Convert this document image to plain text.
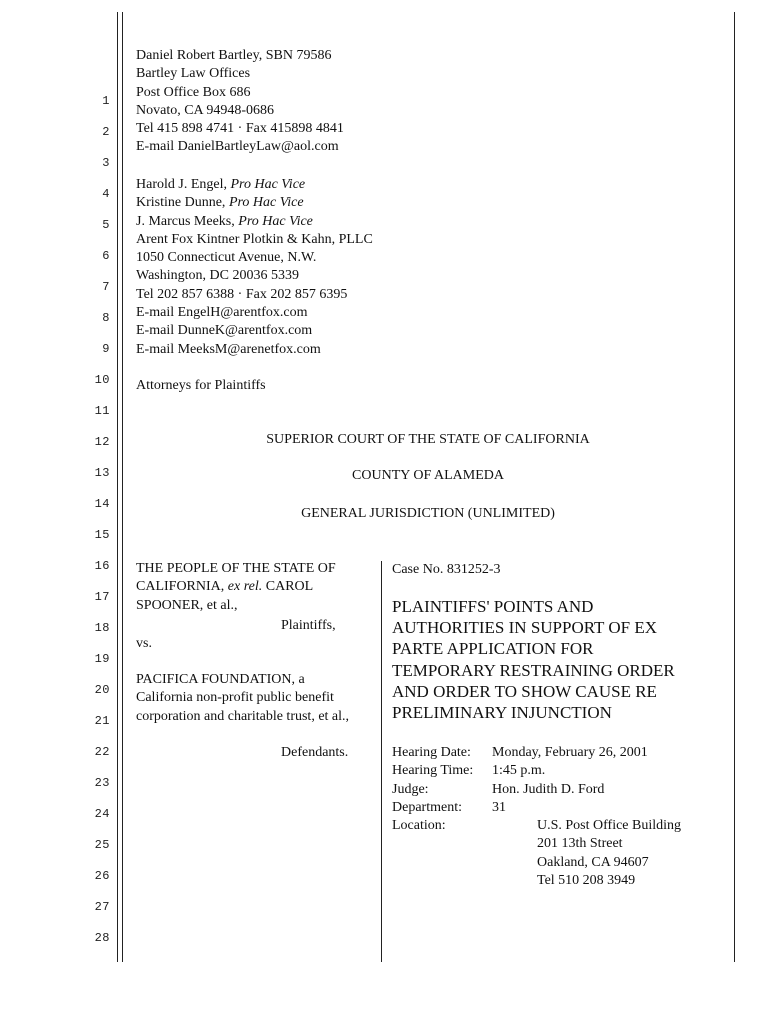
1
2
3
4
5
6
7
8
9
10
11
12
13
14
15
16
17
18
19
20
21
22
23
24
25
26
27
28
Daniel Robert Bartley, SBN 79586
Bartley Law Offices
Post Office Box 686
Novato, CA 94948-0686
Tel 415 898 4741 · Fax 415898 4841
E-mail DanielBartleyLaw@aol.com
Harold J. Engel, Pro Hac Vice
Kristine Dunne, Pro Hac Vice
J. Marcus Meeks, Pro Hac Vice
Arent Fox Kintner Plotkin & Kahn, PLLC
1050 Connecticut Avenue, N.W.
Washington, DC 20036 5339
Tel 202 857 6388 · Fax 202 857 6395
E-mail EngelH@arentfox.com
E-mail DunneK@arentfox.com
E-mail MeeksM@arenetfox.com
Attorneys for Plaintiffs
SUPERIOR COURT OF THE STATE OF CALIFORNIA
COUNTY OF ALAMEDA
GENERAL JURISDICTION (UNLIMITED)
THE PEOPLE OF THE STATE OF
CALIFORNIA, ex rel. CAROL
SPOONER, et al.,
Plaintiffs,
vs.
PACIFICA FOUNDATION, a
California non-profit public benefit
corporation and charitable trust, et al.,
Defendants.
Case No. 831252-3
PLAINTIFFS' POINTS AND
AUTHORITIES IN SUPPORT OF EX
PARTE APPLICATION FOR
TEMPORARY RESTRAINING ORDER
AND ORDER TO SHOW CAUSE RE
PRELIMINARY INJUNCTION
Hearing Date: Monday, February 26, 2001
Hearing Time: 1:45 p.m.
Judge:	Hon. Judith D. Ford
Department: 31
Location:	U.S. Post Office Building
201 13th Street
Oakland, CA 94607
Tel 510 208 3949
